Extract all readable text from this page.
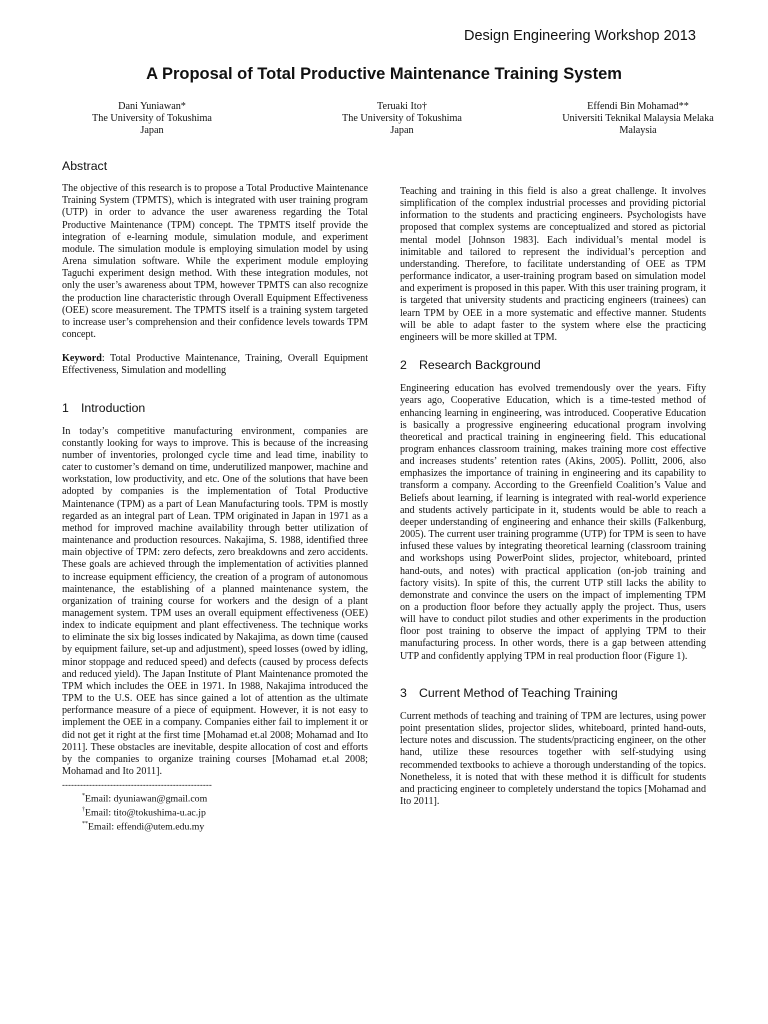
Design Engineering Workshop 2013
A Proposal of Total Productive Maintenance Training System
Dani Yuniawan*
The University of Tokushima
Japan
Teruaki Ito†
The University of Tokushima
Japan
Effendi Bin Mohamad**
Universiti Teknikal Malaysia Melaka
Malaysia
Abstract

The objective of this research is to propose a Total Productive Maintenance Training System (TPMTS), which is integrated with user training program (UTP) in order to advance the user awareness regarding the Total Productive Maintenance (TPM) concept. The TPMTS itself provide the integration of e-learning module, simulation module, and experiment module. The simulation module is employing simulation model by using Arena simulation software. While the experiment module employing Taguchi experiment design method. With these integration modules, not only the user’s awareness about TPM, however TPMTS can also recognize the production line characteristic through Overall Equipment Effectiveness (OEE) score measurement. The TPMTS itself is a training system targeted to increase user’s comprehension and their confidence levels towards TPM concept.

Keyword: Total Productive Maintenance, Training, Overall Equipment Effectiveness, Simulation and modelling

1 Introduction

In today’s competitive manufacturing environment, companies are constantly looking for ways to improve. This is because of the increasing number of inventories, prolonged cycle time and lead time, inability to cater to customer’s demand on time, underutilized manpower, machine and workstation, low productivity, and etc. One of the solutions that have been adopted by companies is the implementation of Total Productive Maintenance (TPM) as a part of Lean Manufacturing tools. TPM is mostly regarded as an integral part of Lean. TPM originated in Japan in 1971 as a method for improved machine availability through better utilization of maintenance and production resources. Nakajima, S. 1988, identified three main objective of TPM: zero defects, zero breakdowns and zero accidents. These goals are achieved through the implementation of activities planned to increase equipment efficiency, the creation of a program of autonomous maintenance, the establishing of a planned maintenance system, the organization of training course for workers and the design of a plant management system. TPM uses an overall equipment effectiveness (OEE) index to indicate equipment and plant effectiveness. The technique works to eliminate the six big losses indicated by Nakajima, as down time (caused by equipment failure, set-up and adjustment), speed losses (owed by idling, minor stoppage and reduced speed) and defects (caused by process defects and reduced yield). The Japan Institute of Plant Maintenance promoted the TPM which includes the OEE in 1971. In 1988, Nakajima introduced the TPM to the U.S. OEE has since gained a lot of attention as the ultimate performance measure of a piece of equipment. However, it is not easy to implement the OEE in a company. Companies either fail to implement it or did not get it right at the first time [Mohamad et.al 2008; Mohamad and Ito 2011]. These obstacles are inevitable, despite allocation of cost and efforts by the companies to organize training courses [Mohamad et.al 2008; Mohamad and Ito 2011].

--------------------------------------------------
*Email: dyuniawan@gmail.com
†Email: tito@tokushima-u.ac.jp
**Email: effendi@utem.edu.my

Teaching and training in this field is also a great challenge. It involves simplification of the complex industrial processes and providing pictorial information to the students and practicing engineers. Psychologists have proposed that complex systems are conceptualized and stored as pictorial mental model [Johnson 1983]. Each individual’s mental model is inimitable and tailored to represent the individual’s perception and understanding. Therefore, to facilitate understanding of OEE as TPM performance indicator, a user-training program based on simulation model and experiment is proposed in this paper. With this user training program, it is targeted that university students and practicing engineers (trainees) can learn TPM by OEE in a more systematic and effective manner. Students will be able to adapt faster to the system where else the practicing engineers will be more skilled at TPM.

2 Research Background

Engineering education has evolved tremendously over the years. Fifty years ago, Cooperative Education, which is a time-tested method of enhancing learning in engineering, was introduced. Cooperative Education is basically a progressive engineering educational program involving theoretical and practical training in engineering field. This educational program enhances classroom training, makes training more cost effective and increases students’ retention rates (Akins, 2005). Pollitt, 2006, also emphasizes the importance of training in engineering and its capability to transform a company. According to the Greenfield Coalition’s Value and Beliefs about learning, if learning is integrated with real-world experience and students actively participate in it, students would be able to reach a deeper understanding of engineering and enhance their skills (Falkenburg, 2005). The current user training programme (UTP) for TPM is seen to have infused these values by integrating theoretical learning (classroom training and workshops using PowerPoint slides, projector, whiteboard, printed hand-outs, and notes) with practical application (on-job training and factory visits). In spite of this, the current UTP still lacks the ability to demonstrate and convince the users on the impact of implementing TPM on a production floor before they actually apply the project. Thus, users will have to conduct pilot studies and other experiments in the production floor post training to observe the impact of applying TPM to their manufacturing process. In other words, there is a gap between attending UTP and confidently applying TPM in real production floor (Figure 1).

3 Current Method of Teaching Training

Current methods of teaching and training of TPM are lectures, using power point presentation slides, projector slides, whiteboard, printed hand-outs, lecture notes and discussion. The students/practicing engineer, on the other hand, utilize these resources together with self-studying using recommended textbooks to achieve a thorough understanding of the topics. Nonetheless, it is noted that with these method it is difficult for students and practicing engineer to completely understand the topics [Mohamad and Ito 2011].
